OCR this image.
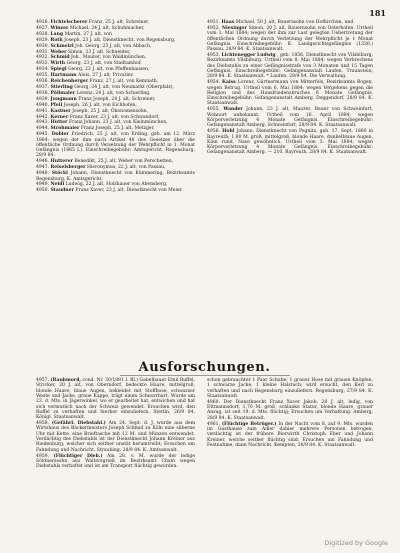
181
4926. Fichtelscherer Franz, 25 J. alt, Schreiner,
4927. Winzer Michael, 24 J. alt, Schuhmacher,
4928. Lang Martin, 27 J. alt, von
4929. Roth Joseph, 23 J. alt, Dienstknecht, von Regensburg,
4930. Schmelzl Joh. Georg, 23 J. alt, von Abbach,
4931. Weber Simon, 23 J. alt, Schneider,
4932. Schmid Joh., Maurer, von Waldmünchen,
4933. Wirth Georg, 23 J. alt, von Stadtamhof,
4934. Spiegl Georg, 23 J. alt, von Pfeffenhausen,
4935. Hartmann Alois, 27 J. alt, Privatier.
4936. Reichenberger Franz, 27 J. alt, von Kemnath,
4937. Stierling Georg, 24 J. alt, von Neumarkt (Oberpfalz),
4938. Pöllmaier Lorenz, 24 J. alt, von Schierling,
4939. Jungmann Franz Joseph, 24 J. alt, Schreiner,
4940. Pfeil Joseph, 26 J. alt, von Eichhofen,
4941. Kastner Joseph, 25 J. alt, Ökonomensohn,
4942. Kerner Franz Xaver, 23 J. alt, von Schwandorf,
4943. Hutter Franz Johann, 23 J. alt, von Kleinmünchen,
4944. Strohmaier Franz Joseph, 25 J. alt, Metzger,
4945. Dobler Friedrich, 25 J. alt, von Erding, geb. am 12. März 1864; wegen der ihm nach Artikel 48 des Gesetzes über die öffentliche Ordnung durch Versetzung der Wehrpflicht in 1. Monat Gefängnis (1865 I.). Einschreibegebühr: Amtsgericht. Regensburg, 28/9 84.
4946. Hutterer Benedikt, 25 J. alt, Weber von Perschetten,
4947. Reiselsberger Hieronymus, 22 J. alt, von Passau,
4948. Stöckl Johann, Dienstknecht von Kümmering, Bezirksamts Regensburg, K. Amtsgericht,
4949. Neidl Ludwig, 22 J. alt, Holzhauer von Abensberg,
4950. Staudner Franz Xaver, 23 J. alt, Dienstknecht von Meier.
4951. Haas Michael, 50 J. alt, Bauerssohn von Hofkirchen, und
4952. Niesinger Simon, 20 J. alt, Bauernsohn von Osterhofen. Urtheil vom 1. Mai 1884; wegen der ihm zur Last gelegten Uebertretung der öffentlichen Ordnung durch Verletzung der Wehrpflicht je 1 Monat Gefängnis. Einschreibegebühr: K. Landgerichtsgefängnis (1330.) Passau, 28/9 84. K. Staatsanwalt.
4953. Lichtenegger Ludwig , geb. 1856, Dienstknecht von Vilsbiburg, Bezirksamts Vilsbiburg. Urtheil vom 8. Mai 1884; wegen Verbrechens des Diebstahls zu einer Gefängnisstrafe von 3 Monaten und 15 Tagen Gefängnis. Einschreibegebühr: Gefangenanstalt Laufen. Traunstein, 28/9 84. K. Staatsanwalt. * Laufen, 29/9 84. Die Verwaltung.
4954. Kaiss Lorenz, Gärtnermann von Mitterfels, Bezirksamts Bogen, wegen Betrug. Urtheil vom 6. Mai 1884; wegen Vergehens gegen die Religion und des Hausfriedensbruches 6 Monate Gefängnis. Einschreibegebühr: Gefangenanstalt Amberg. Deggendorf, 28/9 84. K. Staatsanwalt.
4955. Wander Johann, 23 J. alt, Maurer, Bauer von Schweinfurt, Wohnort unbekannt. Urtheil vom 16. April 1884; wegen Körperverletzung 4 Monate Gefängnis. Einschreibegebühr: Gefangenanstalt Amberg. Schweinfurt, 28/9 84. K. Staatsanwalt.
4956. Hohl Johann, Dienstknecht von Pegnitz, geb. 17. Sept. 1860 in Bayreuth; 1,80 M. groß, mittelgroß, blonde Haare, dunkelblaue Augen, Kinn rund, Nase gewöhnlich. Urtheil vom 3. Mai 1884; wegen Körperverletzung 4 Monate Gefängnis. Einschreibegebühr: Gefangenanstalt Amberg. — 210. Bayreuth, 28/9 84. K. Staatsanwalt.
Ausforschungen.
4957. (Raubmord, cond. Nr. 30/1881 I. Bl.) Gabelbauer Emil Ruffel, Stricker, 20 J. alt, von Oberndorf, bedeckte Haare, mittelgroß, blonde Haare, blaue Augen, bekleidet mit Stoffhose, schwarzer Weste und Jacke, graue Kappe, trägt einen Schnurrbart. Wurde am 23. d. Mts. in Jägerwinkel, wo er gearbeitet hat, entwichen und hat sich vermutlich nach der Schweiz gewendet. Ersuchen wird, den Ruffel zu verhaften und hierher einzuliefern. Stettin, 26/9 84. Königl. Staatsanwalt.
4958. (Gefährl. Diebstahl.) Am 24. Sept. d. J. wurde aus dem Wirtshaus des Bäckermeisters Joseph Schmid zu Köln eine silberne Uhr mit Kette, eine Brieftasche mit 12 M. und Münzen entwendet. Verdächtig des Diebstahls ist der Dienstknecht Johann Kreiner aus Riedenburg, welcher sich seither unstät herumtreibt; Ersuchen um Fahndung und Nachricht. Straubing, 28/9 84. K. Amtsanwalt.
4959. (Flüchtiger Dieb.) Am 28. v. M. wurde der ledige Söldnerssohn aus Waltersgrieß im Bezirksamt Cham wegen Diebstahls verhaftet und ist am Transport flüchtig geworden.
schon gebrauchter 1 Paar Schuhe, 1 grauer Hose mit grauen Knöpfen, 1 schwarze Jacke, 1 kleine Halstuch; wird ersucht, den Kerl zu verhaften und nach Regensburg einzuliefern. Regensburg, 27/9 84. K. Staatsanwalt.
4960. Der Dienstknecht Franz Xaver Jakob, 28 J. alt, ledig, von Ettmannsdorf, 1,70 M. groß, schlanke Statur, blonde Haare, grauer Anzug, ist seit 19. d. Mts. flüchtig; Ersuchen um Verhaftung. Amberg, 28/9 84. K. Staatsanwalt.
4961. (Flüchtige Betrüger.) In der Nacht vom 8. auf 9. Mts. wurden im Gasthause zum Adler dahier mehrere Personen betrogen, verdächtig ist der frühere Bierwirth Christoph Eber und Johann Kreiner, welche seither flüchtig sind. Ersuchen um Fahndung und Festnahme, dann Nachricht. Kempten, 28/9 84. K. Staatsanwalt.
Digitized by Google
